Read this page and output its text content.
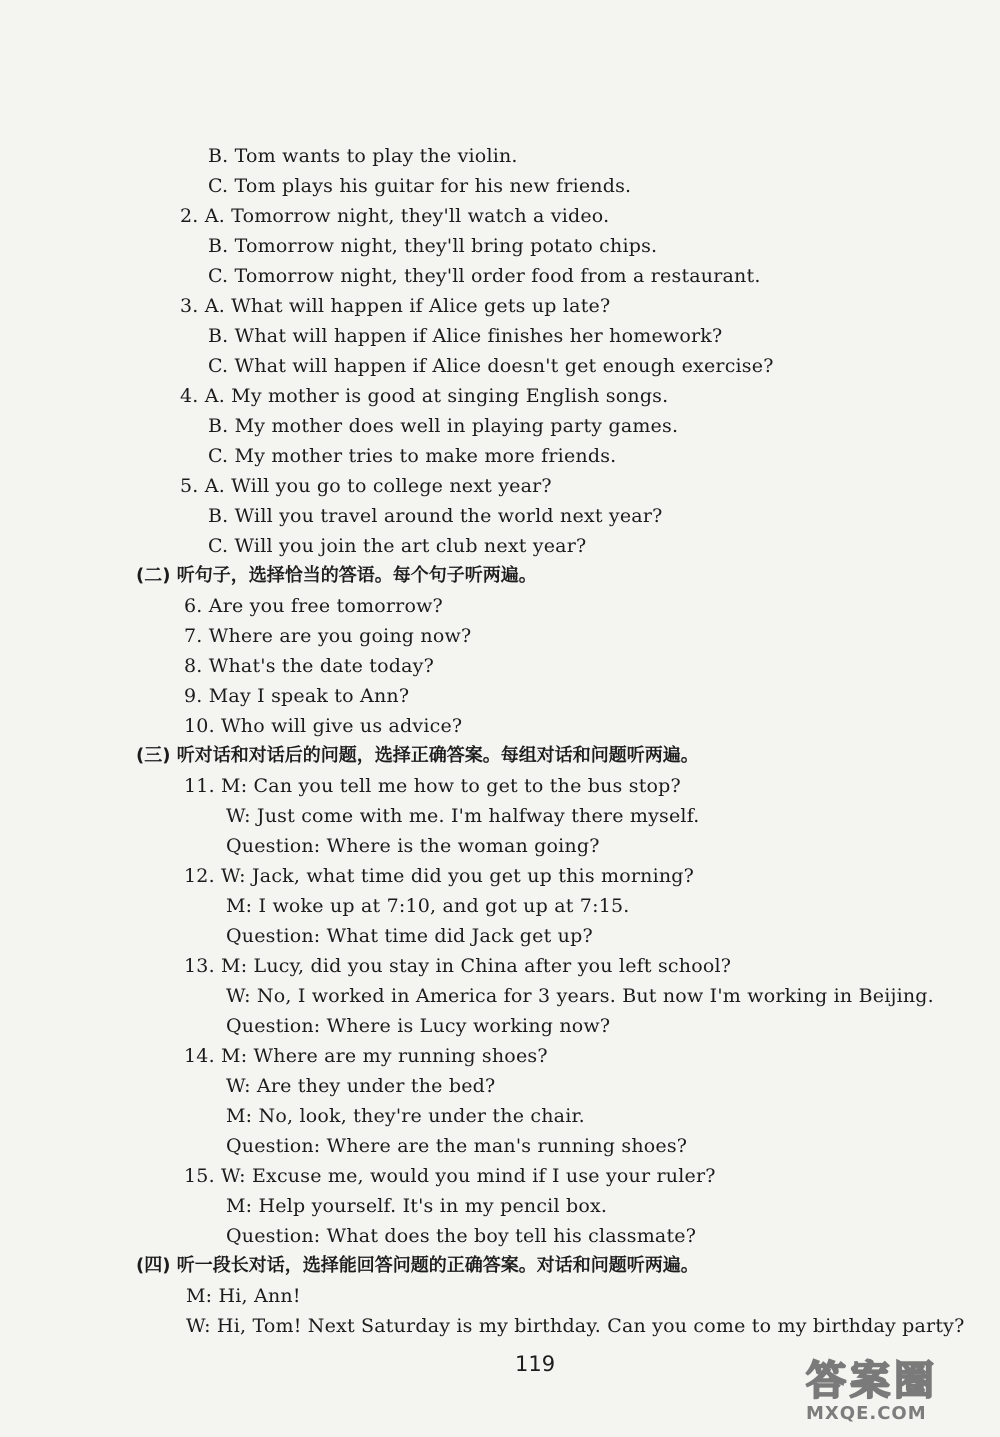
B. Tom wants to play the violin.
C. Tom plays his guitar for his new friends.
2. A. Tomorrow night, they'll watch a video.
B. Tomorrow night, they'll bring potato chips.
C. Tomorrow night, they'll order food from a restaurant.
3. A. What will happen if Alice gets up late?
B. What will happen if Alice finishes her homework?
C. What will happen if Alice doesn't get enough exercise?
4. A. My mother is good at singing English songs.
B. My mother does well in playing party games.
C. My mother tries to make more friends.
5. A. Will you go to college next year?
B. Will you travel around the world next year?
C. Will you join the art club next year?
(二) 听句子，选择恰当的答语。每个句子听两遍。
6. Are you free tomorrow?
7. Where are you going now?
8. What's the date today?
9. May I speak to Ann?
10. Who will give us advice?
(三) 听对话和对话后的问题，选择正确答案。每组对话和问题听两遍。
11. M: Can you tell me how to get to the bus stop?
W: Just come with me. I'm halfway there myself.
Question: Where is the woman going?
12. W: Jack, what time did you get up this morning?
M: I woke up at 7:10, and got up at 7:15.
Question: What time did Jack get up?
13. M: Lucy, did you stay in China after you left school?
W: No, I worked in America for 3 years. But now I'm working in Beijing.
Question: Where is Lucy working now?
14. M: Where are my running shoes?
W: Are they under the bed?
M: No, look, they're under the chair.
Question: Where are the man's running shoes?
15. W: Excuse me, would you mind if I use your ruler?
M: Help yourself. It's in my pencil box.
Question: What does the boy tell his classmate?
(四) 听一段长对话，选择能回答问题的正确答案。对话和问题听两遍。
M: Hi, Ann!
W: Hi, Tom! Next Saturday is my birthday. Can you come to my birthday party?
119	答案圈
MXQE.COM
